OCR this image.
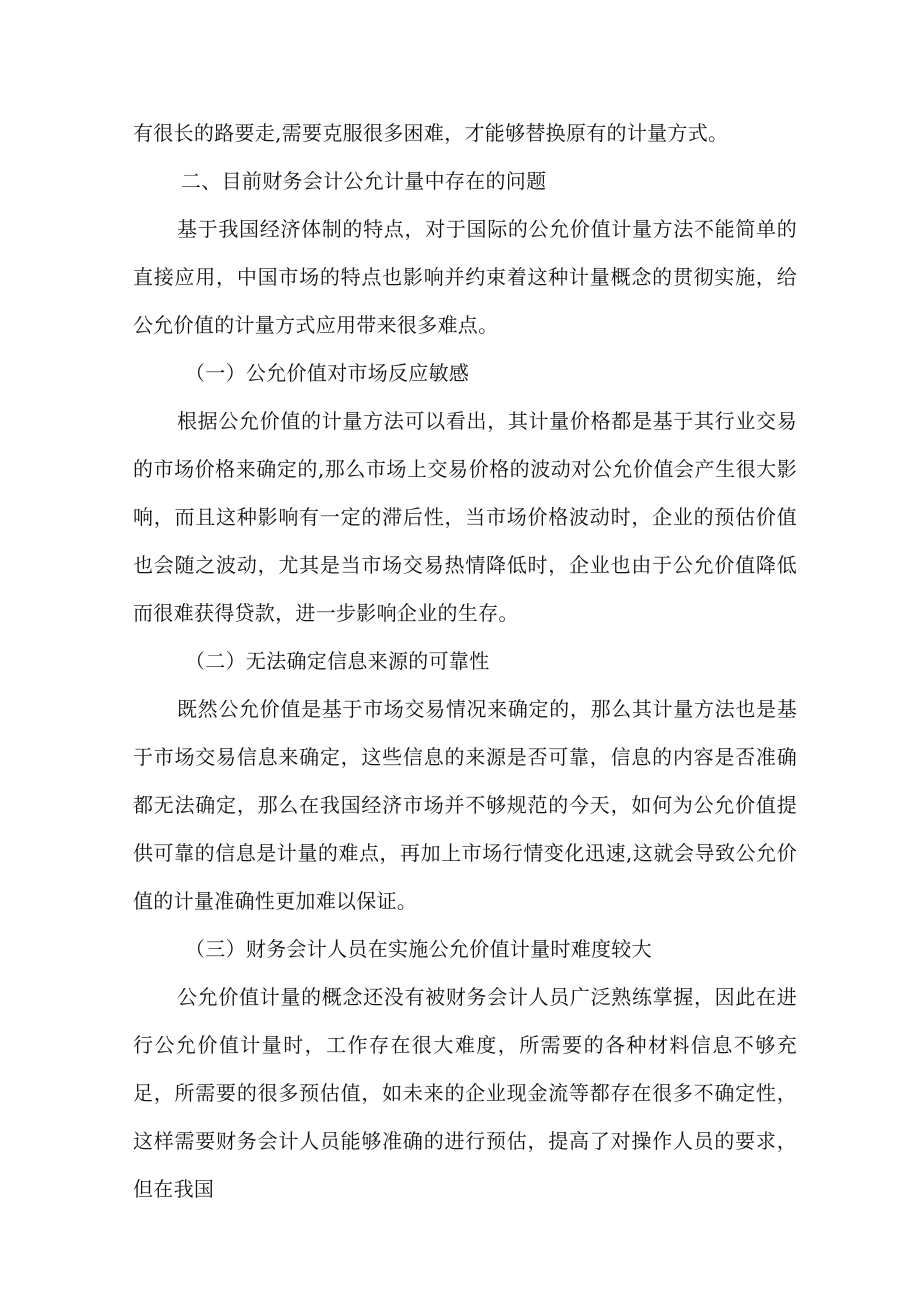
有很长的路要走,需要克服很多困难，才能够替换原有的计量方式。

二、目前财务会计公允计量中存在的问题

基于我国经济体制的特点，对于国际的公允价值计量方法不能简单的直接应用，中国市场的特点也影响并约束着这种计量概念的贯彻实施，给公允价值的计量方式应用带来很多难点。

（一）公允价值对市场反应敏感

根据公允价值的计量方法可以看出，其计量价格都是基于其行业交易的市场价格来确定的,那么市场上交易价格的波动对公允价值会产生很大影响，而且这种影响有一定的滞后性，当市场价格波动时，企业的预估价值也会随之波动，尤其是当市场交易热情降低时，企业也由于公允价值降低而很难获得贷款，进一步影响企业的生存。

（二）无法确定信息来源的可靠性

既然公允价值是基于市场交易情况来确定的，那么其计量方法也是基于市场交易信息来确定，这些信息的来源是否可靠，信息的内容是否准确都无法确定，那么在我国经济市场并不够规范的今天，如何为公允价值提供可靠的信息是计量的难点，再加上市场行情变化迅速,这就会导致公允价值的计量准确性更加难以保证。

（三）财务会计人员在实施公允价值计量时难度较大

公允价值计量的概念还没有被财务会计人员广泛熟练掌握，因此在进行公允价值计量时，工作存在很大难度，所需要的各种材料信息不够充足，所需要的很多预估值，如未来的企业现金流等都存在很多不确定性，这样需要财务会计人员能够准确的进行预估，提高了对操作人员的要求，但在我国
